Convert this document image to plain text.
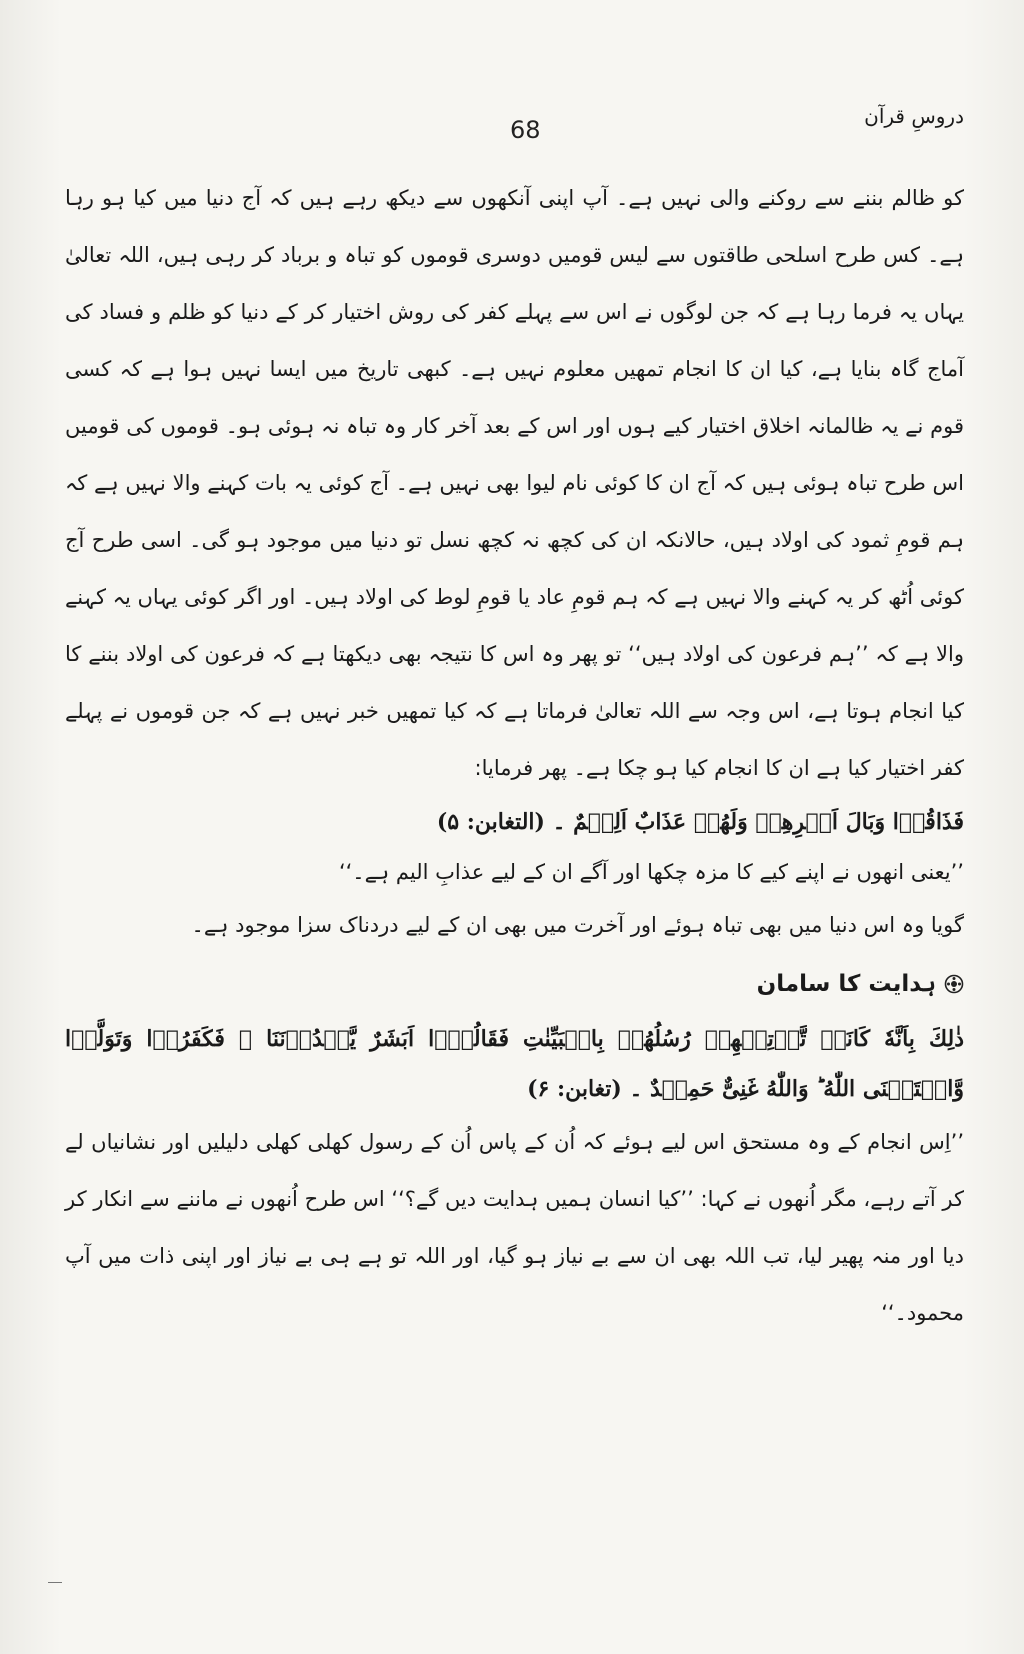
68	دروسِ قرآن

کو ظالم بننے سے روکنے والی نہیں ہے۔ آپ اپنی آنکھوں سے دیکھ رہے ہیں کہ آج دنیا میں کیا ہو رہا ہے۔ کس طرح اسلحی طاقتوں سے لیس قومیں دوسری قوموں کو تباہ و برباد کر رہی ہیں، اللہ تعالیٰ یہاں یہ فرما رہا ہے کہ جن لوگوں نے اس سے پہلے کفر کی روش اختیار کر کے دنیا کو ظلم و فساد کی آماج گاہ بنایا ہے، کیا ان کا انجام تمھیں معلوم نہیں ہے۔ کبھی تاریخ میں ایسا نہیں ہوا ہے کہ کسی قوم نے یہ ظالمانہ اخلاق اختیار کیے ہوں اور اس کے بعد آخر کار وہ تباہ نہ ہوئی ہو۔ قوموں کی قومیں اس طرح تباہ ہوئی ہیں کہ آج ان کا کوئی نام لیوا بھی نہیں ہے۔ آج کوئی یہ بات کہنے والا نہیں ہے کہ ہم قومِ ثمود کی اولاد ہیں، حالانکہ ان کی کچھ نہ کچھ نسل تو دنیا میں موجود ہو گی۔ اسی طرح آج کوئی اُٹھ کر یہ کہنے والا نہیں ہے کہ ہم قومِ عاد یا قومِ لوط کی اولاد ہیں۔ اور اگر کوئی یہاں یہ کہنے والا ہے کہ ’’ہم فرعون کی اولاد ہیں‘‘ تو پھر وہ اس کا نتیجہ بھی دیکھتا ہے کہ فرعون کی اولاد بننے کا کیا انجام ہوتا ہے، اس وجہ سے اللہ تعالیٰ فرماتا ہے کہ کیا تمھیں خبر نہیں ہے کہ جن قوموں نے پہلے کفر اختیار کیا ہے ان کا انجام کیا ہو چکا ہے۔ پھر فرمایا:

فَذَاقُوۡا وَبَالَ اَمۡرِهِمۡ وَلَهُمۡ عَذَابٌ اَلِيۡمٌ ۔ (التغابن: ۵)

’’یعنی انھوں نے اپنے کیے کا مزہ چکھا اور آگے ان کے لیے عذابِ الیم ہے۔‘‘

گویا وہ اس دنیا میں بھی تباہ ہوئے اور آخرت میں بھی ان کے لیے دردناک سزا موجود ہے۔

ہدایت کا سامان

ذٰلِكَ بِاَنَّهٗ كَانَتۡ تَّاۡتِيۡهِمۡ رُسُلُهُمۡ بِالۡبَيِّنٰتِ فَقَالُوۡۤا اَبَشَرٌ يَّهۡدُوۡنَنَا ۡ فَكَفَرُوۡا وَتَوَلَّوۡا وَّاسۡتَغۡنَى اللّٰهُ ؕ وَاللّٰهُ غَنِىٌّ حَمِيۡدٌ ۔ (تغابن: ۶)

’’اِس انجام کے وہ مستحق اس لیے ہوئے کہ اُن کے پاس اُن کے رسول کھلی کھلی دلیلیں اور نشانیاں لے کر آتے رہے، مگر اُنھوں نے کہا: ’’کیا انسان ہمیں ہدایت دیں گے؟‘‘ اس طرح اُنھوں نے ماننے سے انکار کر دیا اور منہ پھیر لیا، تب اللہ بھی ان سے بے نیاز ہو گیا، اور اللہ تو ہے ہی بے نیاز اور اپنی ذات میں آپ محمود۔‘‘
